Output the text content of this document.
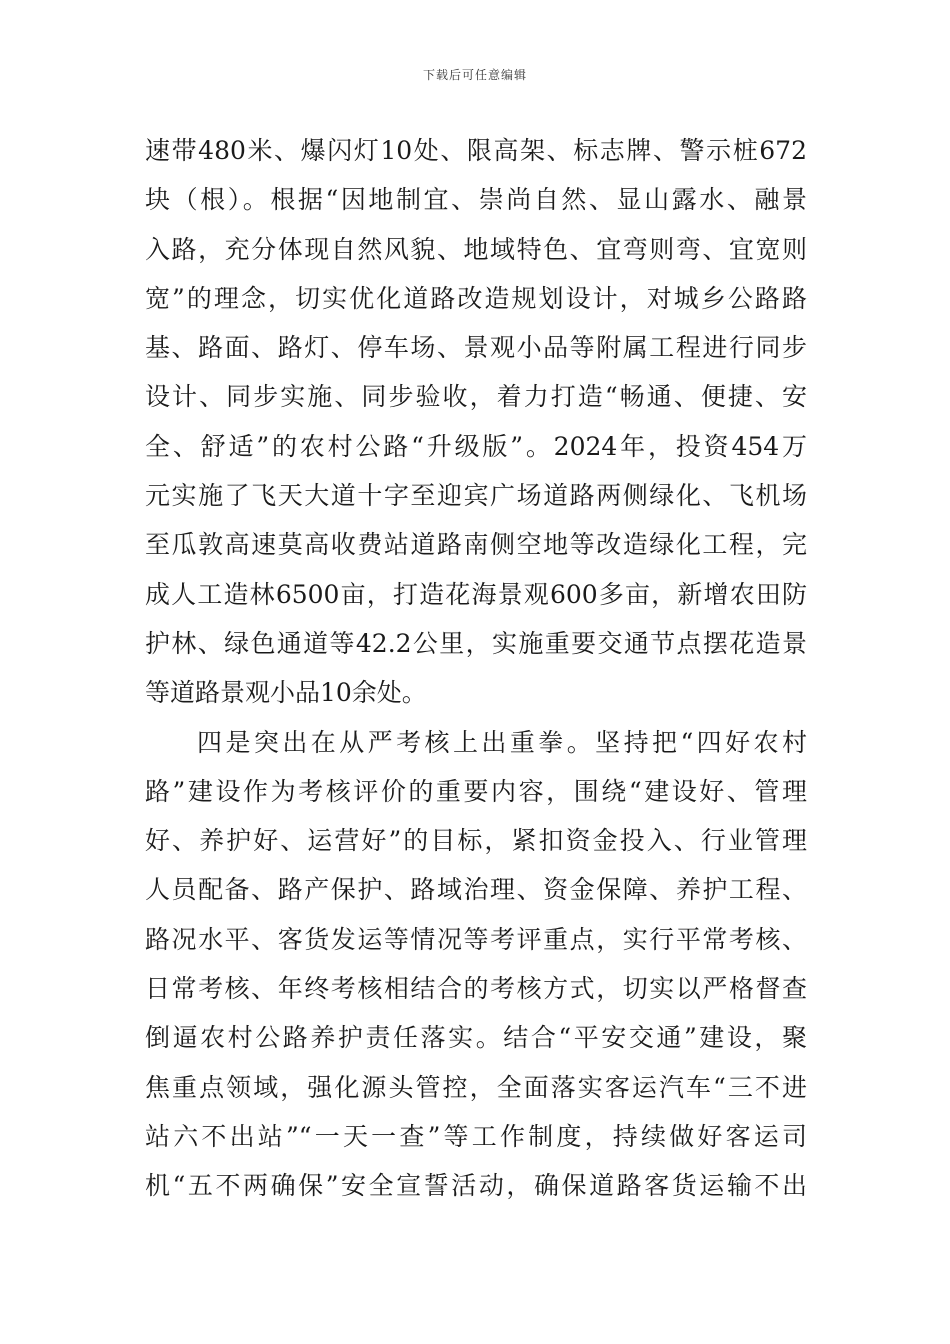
下载后可任意编辑
速带480米、爆闪灯10处、限高架、标志牌、警示桩672
块（根）。根据“因地制宜、崇尚自然、显山露水、融景
入路，充分体现自然风貌、地域特色、宜弯则弯、宜宽则
宽”的理念，切实优化道路改造规划设计，对城乡公路路
基、路面、路灯、停车场、景观小品等附属工程进行同步
设计、同步实施、同步验收，着力打造“畅通、便捷、安
全、舒适”的农村公路“升级版”。2024年，投资454万
元实施了飞天大道十字至迎宾广场道路两侧绿化、飞机场
至瓜敦高速莫高收费站道路南侧空地等改造绿化工程，完
成人工造林6500亩，打造花海景观600多亩，新增农田防
护林、绿色通道等42.2公里，实施重要交通节点摆花造景
等道路景观小品10余处。
四是突出在从严考核上出重拳。坚持把“四好农村
路”建设作为考核评价的重要内容，围绕“建设好、管理
好、养护好、运营好”的目标，紧扣资金投入、行业管理
人员配备、路产保护、路域治理、资金保障、养护工程、
路况水平、客货发运等情况等考评重点，实行平常考核、
日常考核、年终考核相结合的考核方式，切实以严格督查
倒逼农村公路养护责任落实。结合“平安交通”建设，聚
焦重点领域，强化源头管控，全面落实客运汽车“三不进
站六不出站”“一天一查”等工作制度，持续做好客运司
机“五不两确保”安全宣誓活动，确保道路客货运输不出
